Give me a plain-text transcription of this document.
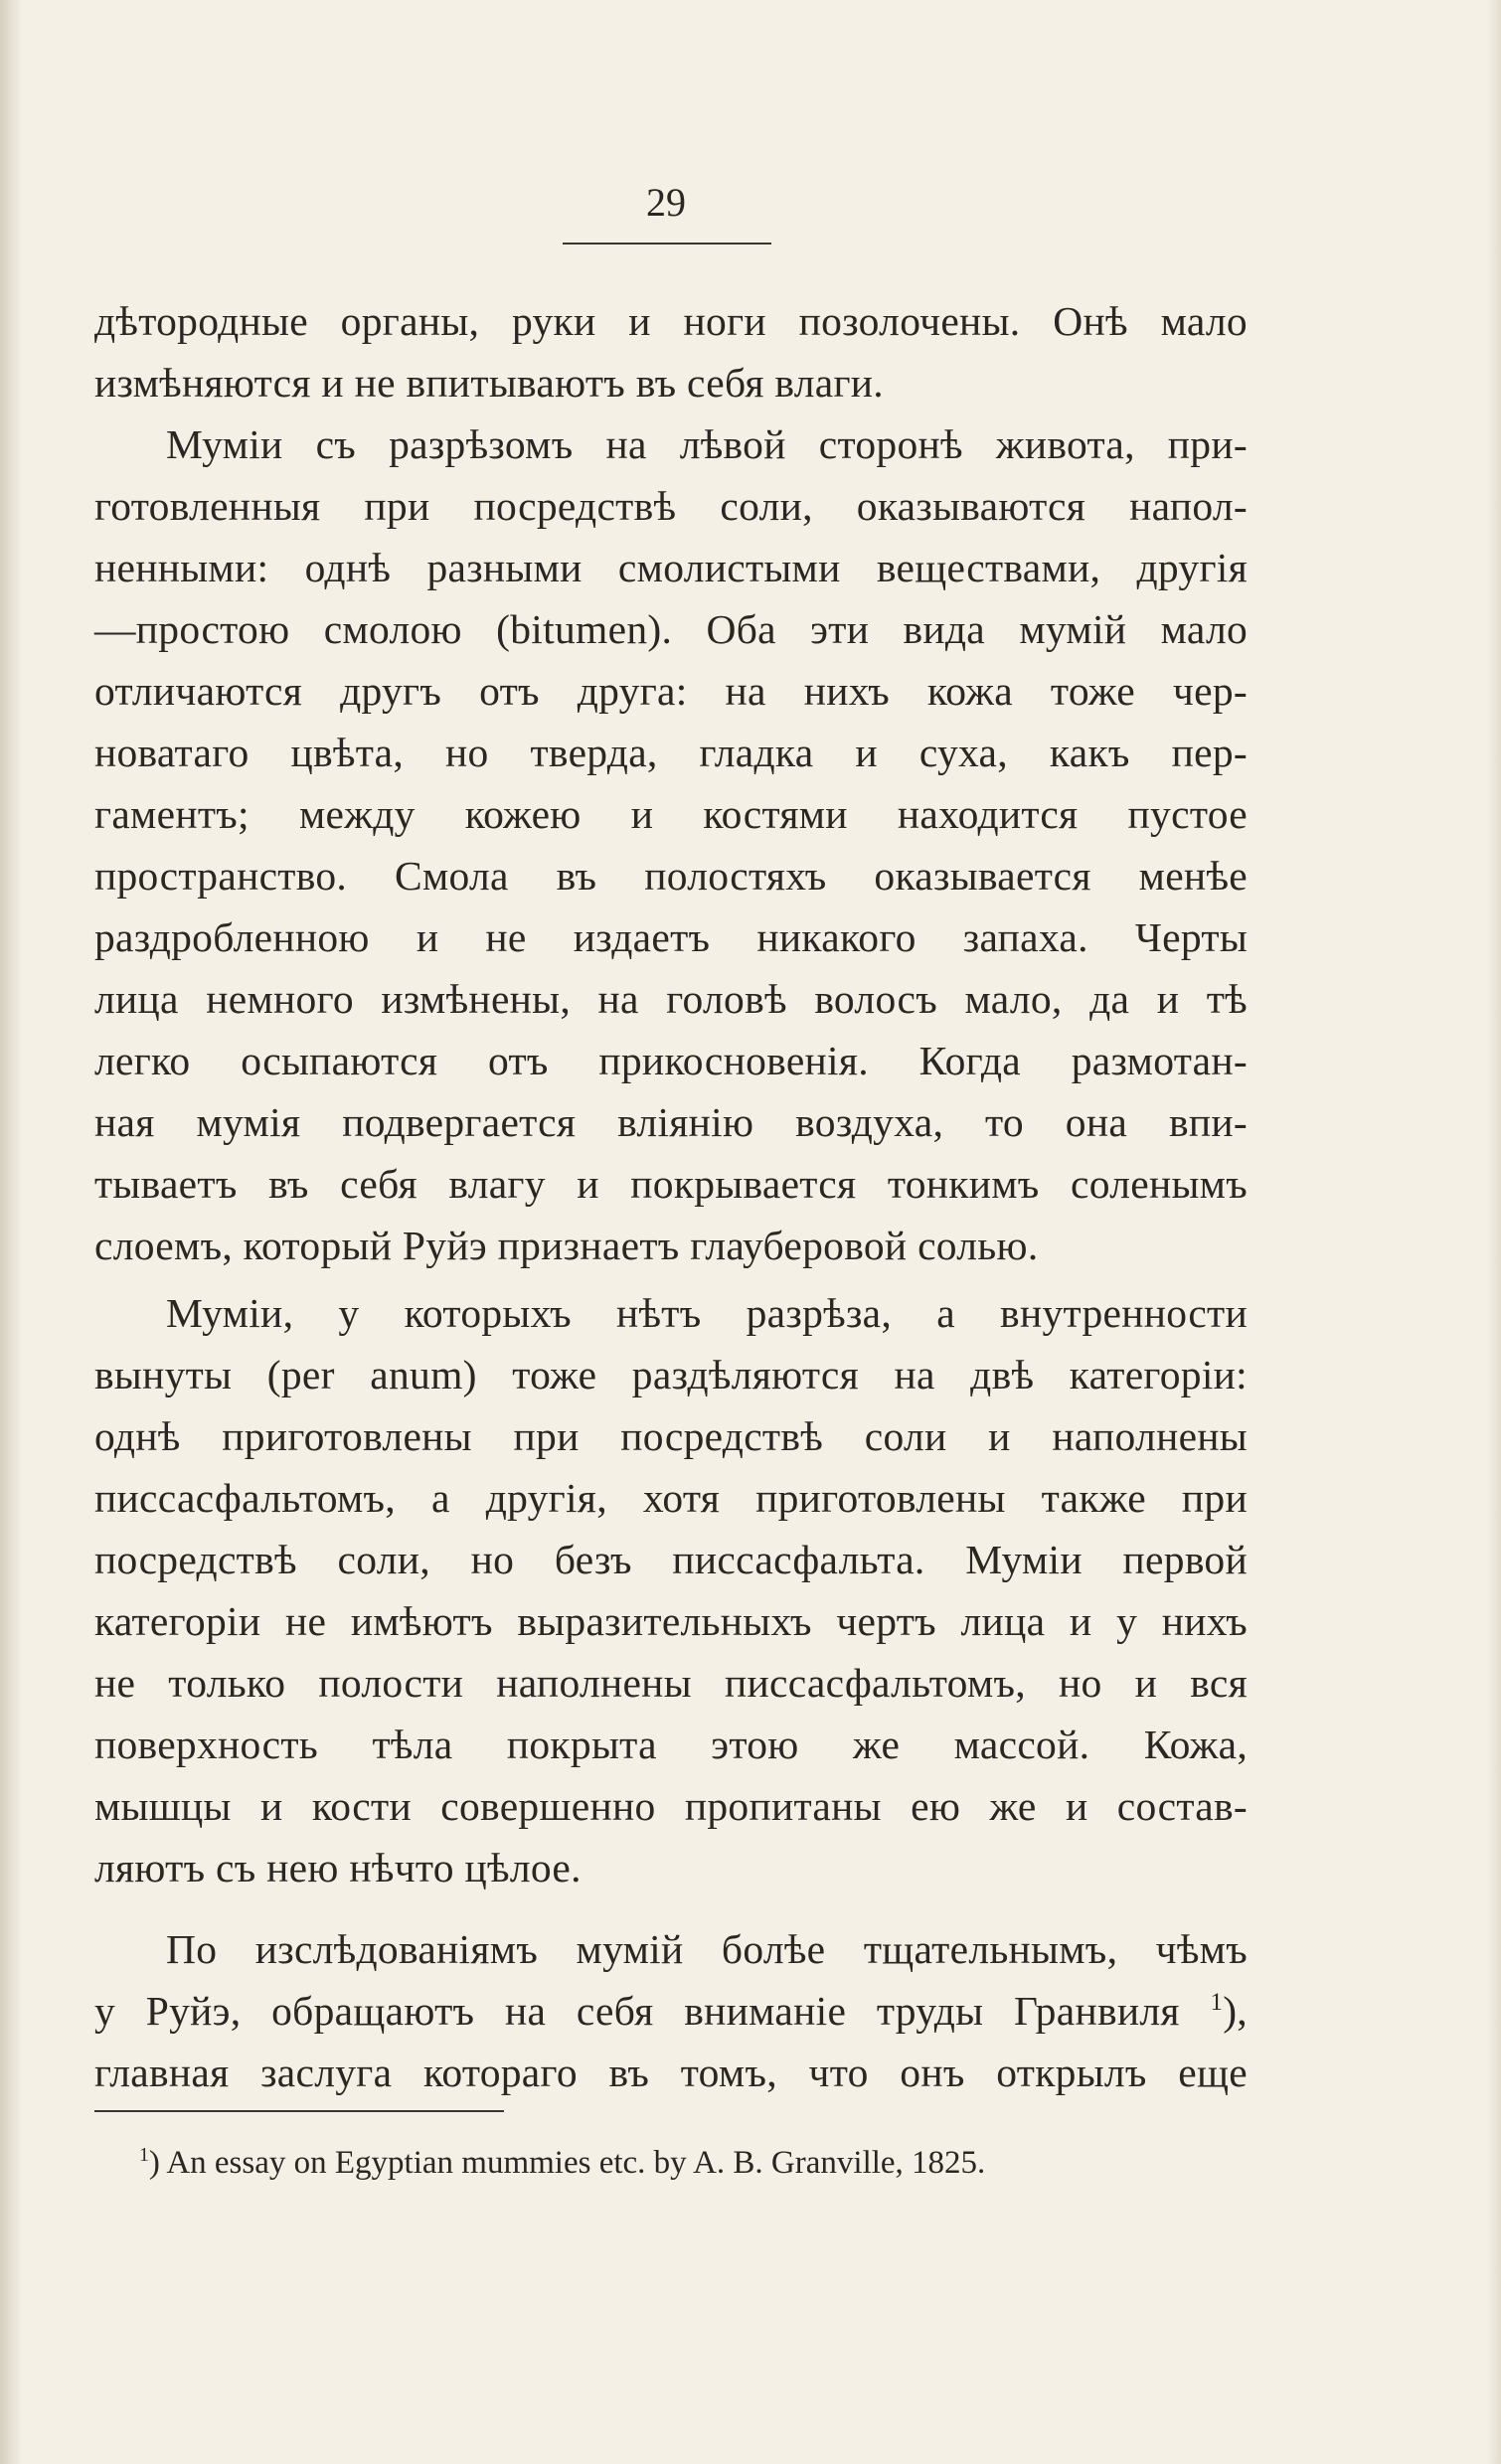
29

дѣтородные органы, руки и ноги позолочены. Онѣ мало

измѣняются и не впитываютъ въ себя влаги.

Муміи съ разрѣзомъ на лѣвой сторонѣ живота, при-

готовленныя при посредствѣ соли, оказываются напол-

ненными: однѣ разными смолистыми веществами, другія

—простою смолою (bitumen). Оба эти вида мумій мало

отличаются другъ отъ друга: на нихъ кожа тоже чер-

новатаго цвѣта, но тверда, гладка и суха, какъ пер-

гаментъ; между кожею и костями находится пустое

пространство. Смола въ полостяхъ оказывается менѣе

раздробленною и не издаетъ никакого запаха. Черты

лица немного измѣнены, на головѣ волосъ мало, да и тѣ

легко осыпаются отъ прикосновенія. Когда размотан-

ная мумія подвергается вліянію воздуха, то она впи-

тываетъ въ себя влагу и покрывается тонкимъ соленымъ

слоемъ, который Руйэ признаетъ глауберовой солью.

Муміи, у которыхъ нѣтъ разрѣза, а внутренности

вынуты (per anum) тоже раздѣляются на двѣ категоріи:

однѣ приготовлены при посредствѣ соли и наполнены

писсасфальтомъ, а другія, хотя приготовлены также при

посредствѣ соли, но безъ писсасфальта. Муміи первой

категоріи не имѣютъ выразительныхъ чертъ лица и у нихъ

не только полости наполнены писсасфальтомъ, но и вся

поверхность тѣла покрыта этою же массой. Кожа,

мышцы и кости совершенно пропитаны ею же и состав-

ляютъ съ нею нѣчто цѣлое.

По изслѣдованіямъ мумій болѣе тщательнымъ, чѣмъ

у Руйэ, обращаютъ на себя вниманіе труды Гранвиля $^1$),

главная заслуга котораго въ томъ, что онъ открылъ еще

$^1$) An essay on Egyptian mummies etc. by A. B. Granville, 1825.
